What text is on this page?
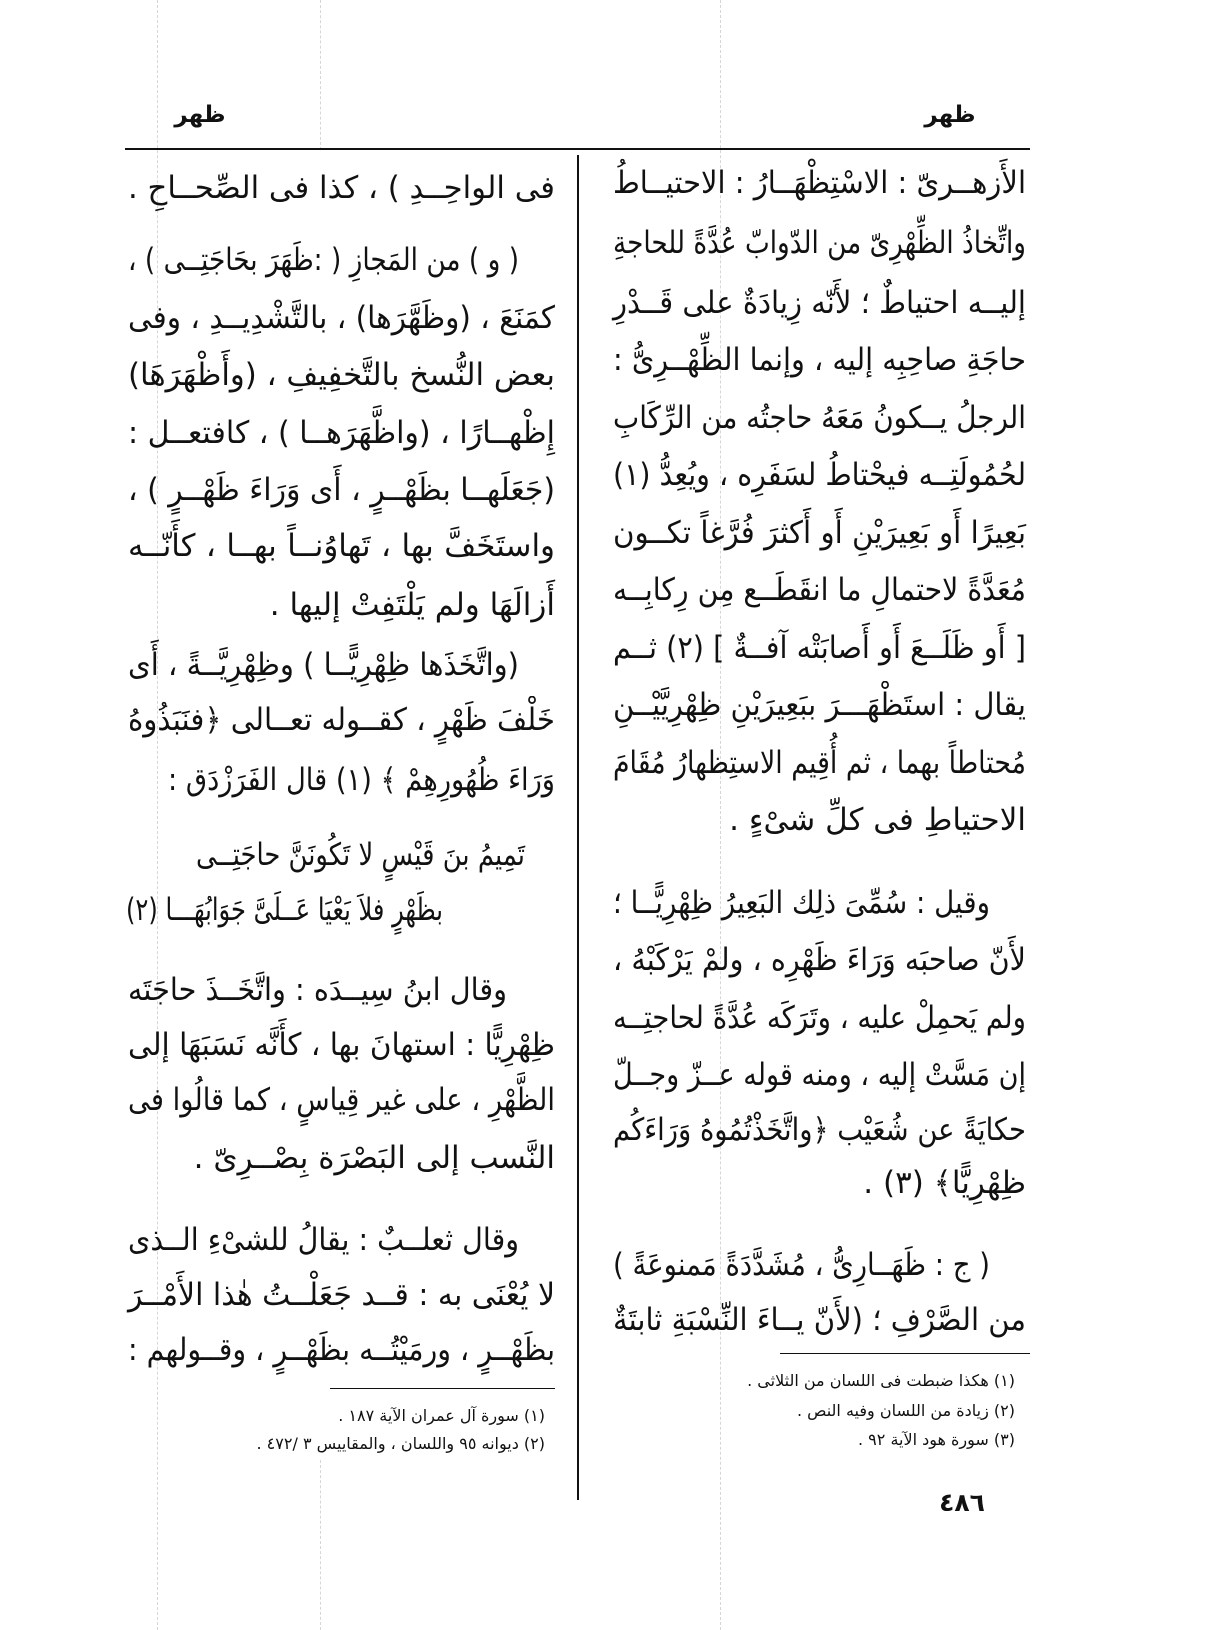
ظهر
ظهر
الأَزهــرىّ : الاسْتِظْهَــارُ : الاحتيــاطُ
واتِّخاذُ الظِّهْرِىّ من الدّوابّ عُدَّةً للحاجةِ
إليــه احتياطٌ ؛ لأَنّه زِيادَةٌ على قَــدْرِ
حاجَةِ صاحِبِه إليه ، وإنما الظِّهْــرِىُّ :
الرجلُ يــكونُ مَعَهُ حاجتُه من الرِّكَابِ
لحُمُولَتِــه فيحْتاطُ لسَفَرِه ، ويُعِدُّ (١)
بَعِيرًا أَو بَعِيرَيْنِ أَو أَكثرَ فُرَّغاً تكــون
مُعَدَّةً لاحتمالِ ما انقَطَــع مِن رِكابِــه
[ أَو ظَلَــعَ أَو أَصابَتْه آفــةٌ ] (٢) ثــم
يقال : استَظْهَـــرَ ببَعِيرَيْنِ ظِهْرِيَّيْــنِ
مُحتاطاً بهما ، ثم أُقِيم الاستِظهارُ مُقَامَ
الاحتياطِ فى كلِّ شىْءٍ .
وقيل : سُمِّىَ ذلِك البَعِيرُ ظِهْرِيًّــا ؛
لأَنّ صاحبَه وَرَاءَ ظَهْرِه ، ولمْ يَرْكَبْهُ ،
ولم يَحمِلْ عليه ، وتَرَكَه عُدَّةً لحاجتِــه
إن مَسَّتْ إليه ، ومنه قوله عــزّ وجــلّ
حكايَةً عن شُعَيْب ﴿واتَّخَذْتُمُوهُ وَرَاءَكُم
ظِهْرِيًّا﴾ (٣) .
( ج : ظَهَــارِىُّ ، مُشَدَّدَةً مَمنوعَةً )
من الصَّرْفِ ؛ (لأَنّ يــاءَ النِّسْبَةِ ثابتَةٌ
(١) هكذا ضبطت فى اللسان من الثلاثى .
(٢) زيادة من اللسان وفيه النص .
(٣) سورة هود الآية ٩٢ .
فى الواحِــدِ ) ، كذا فى الصِّحــاحِ .
( و ) من المَجازِ ( :ظَهَرَ بحَاجَتِــى ) ،
كمَنَعَ ، (وظَهَّرَها) ، بالتَّشْدِيــدِ ، وفى
بعض النُّسخ بالتَّخفِيفِ ، (وأَظْهَرَهَا)
إِظْهــارًا ، (واظَّهَرَهــا ) ، كافتعــل :
(جَعَلَهــا بظَهْــرٍ ، أَى وَرَاءَ ظَهْــرٍ ) ،
واستَخَفَّ بها ، تَهاوُنــاً بهــا ، كأَنّــه
أَزالَهَا ولم يَلْتَفِتْ إليها .
(واتَّخَذَها ظِهْرِيًّــا ) وظِهْرِيَّــةً ، أَى
خَلْفَ ظَهْرٍ ، كقــوله تعــالى ﴿فنَبَذُوهُ
وَرَاءَ ظُهُورِهِمْ ﴾ (١) قال الفَرَزْدَق :
تَمِيمُ بنَ قَيْسٍ لا تَكُونَنَّ حاجَتِــى
بظَهْرٍ فلاَ يَعْيَا عَــلَىَّ جَوَابُهَـــا (٢)
وقال ابنُ سِيــدَه : واتَّخَــذَ حاجَتَه
ظِهْرِيًّا : استهانَ بها ، كأَنَّه نَسَبَهَا إلى
الظَّهْرِ ، على غير قِياسٍ ، كما قالُوا فى
النَّسب إلى البَصْرَة بِصْــرِىّ .
وقال ثعلــبٌ : يقالُ للشىْءِ الــذى
لا يُعْنَى به : قــد جَعَلْــتُ هٰذا الأَمْــرَ
بظَهْــرٍ ، ورمَيْتُــه بظَهْــرٍ ، وقــولهم :
(١) سورة آل عمران الآية ١٨٧ .
(٢) ديوانه ٩٥ واللسان ، والمقاييس ٣ /٤٧٢ .
٤٨٦
